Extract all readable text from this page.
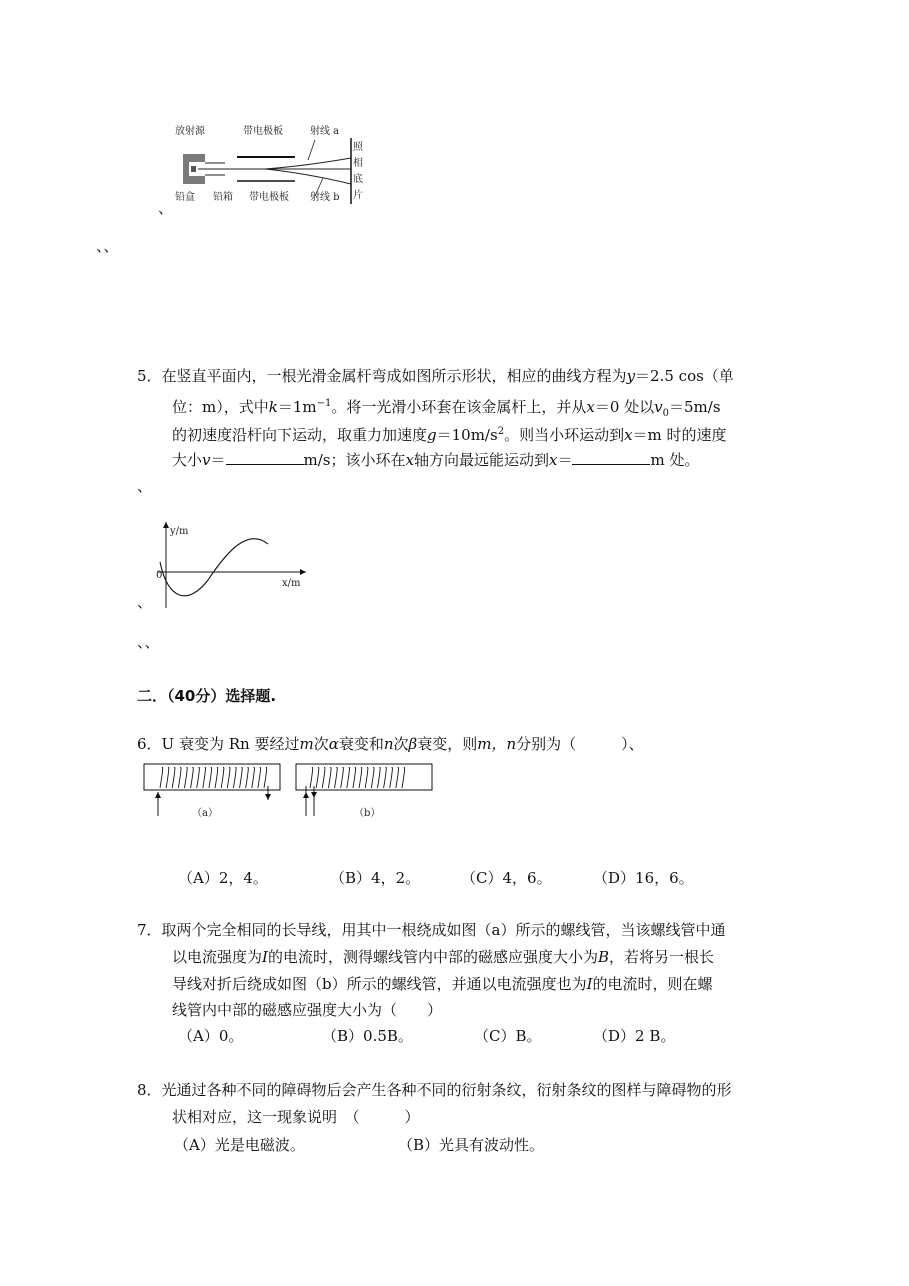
放射源	带电极板	射线 a
照
相
底
片
铅盒 铅箱 带电极板 射线 b
、
、、
5．在竖直平面内，一根光滑金属杆弯成如图所示形状，相应的曲线方程为y＝2.5 cos（单
位：m），式中$k=1m^{-1}$。将一光滑小环套在该金属杆上，并从x＝0 处以$v_0=5m/s$
的初速度沿杆向下运动，取重力加速度$g=10m/s^2$。则当小环运动到x＝m 时的速度
大小v＝	m/s；该小环在x轴方向最远能运动到x＝	m 处。
、
y/m
x/m
0
、
、、
二．（40分）选择题.
6．U 衰变为 Rn 要经过m次α衰变和n次β衰变，则m，n分别为（　　　）、
（a）	（b）
（A）2，4。	（B）4，2。	（C）4，6。	（D）16，6。
7．取两个完全相同的长导线，用其中一根绕成如图（a）所示的螺线管，当该螺线管中通
以电流强度为I的电流时，测得螺线管内中部的磁感应强度大小为B，若将另一根长
导线对折后绕成如图（b）所示的螺线管，并通以电流强度也为I的电流时，则在螺
线管内中部的磁感应强度大小为（　　）
（A）0。	（B）0.5B。	（C）B。	（D）2 B。
8．光通过各种不同的障碍物后会产生各种不同的衍射条纹，衍射条纹的图样与障碍物的形
状相对应，这一现象说明　（　　　）
（A）光是电磁波。	（B）光具有波动性。
